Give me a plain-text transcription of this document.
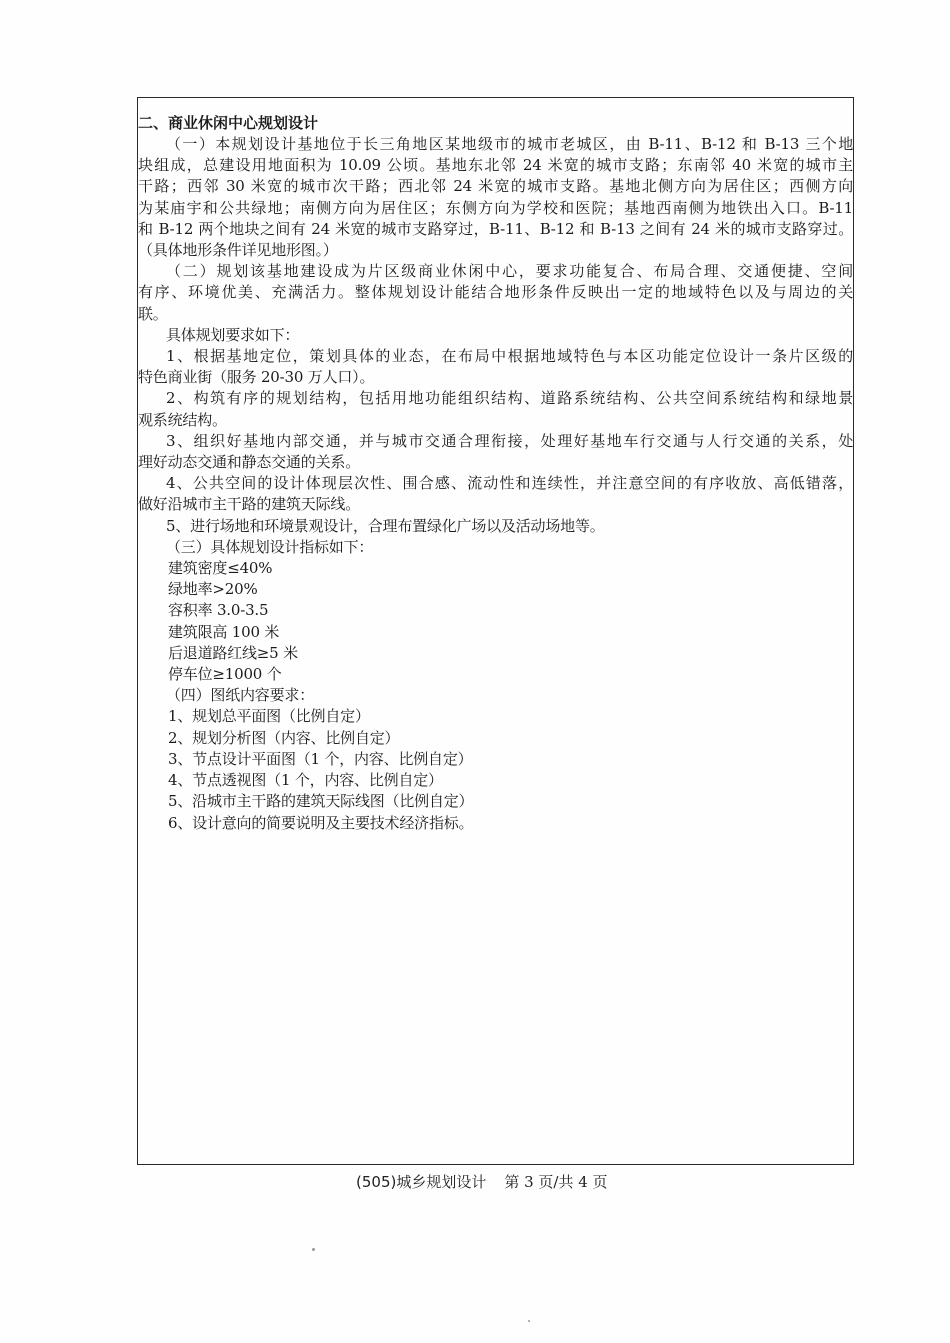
二、商业休闲中心规划设计
（一）本规划设计基地位于长三角地区某地级市的城市老城区，由 B-11、B-12 和 B-13 三个地
块组成，总建设用地面积为 10.09 公顷。基地东北邻 24 米宽的城市支路；东南邻 40 米宽的城市主
干路；西邻 30 米宽的城市次干路；西北邻 24 米宽的城市支路。基地北侧方向为居住区；西侧方向
为某庙宇和公共绿地；南侧方向为居住区；东侧方向为学校和医院；基地西南侧为地铁出入口。B-11
和 B-12 两个地块之间有 24 米宽的城市支路穿过，B-11、B-12 和 B-13 之间有 24 米的城市支路穿过。
（具体地形条件详见地形图。）
（二）规划该基地建设成为片区级商业休闲中心，要求功能复合、布局合理、交通便捷、空间
有序、环境优美、充满活力。整体规划设计能结合地形条件反映出一定的地域特色以及与周边的关
联。
具体规划要求如下：
1、根据基地定位，策划具体的业态，在布局中根据地域特色与本区功能定位设计一条片区级的
特色商业街（服务 20-30 万人口）。
2、构筑有序的规划结构，包括用地功能组织结构、道路系统结构、公共空间系统结构和绿地景
观系统结构。
3、组织好基地内部交通，并与城市交通合理衔接，处理好基地车行交通与人行交通的关系，处
理好动态交通和静态交通的关系。
4、公共空间的设计体现层次性、围合感、流动性和连续性，并注意空间的有序收放、高低错落，
做好沿城市主干路的建筑天际线。
5、进行场地和环境景观设计，合理布置绿化广场以及活动场地等。
（三）具体规划设计指标如下：
建筑密度≤40%
绿地率>20%
容积率 3.0-3.5
建筑限高 100 米
后退道路红线≥5 米
停车位≥1000 个
（四）图纸内容要求：
1、规划总平面图（比例自定）
2、规划分析图（内容、比例自定）
3、节点设计平面图（1 个，内容、比例自定）
4、节点透视图（1 个，内容、比例自定）
5、沿城市主干路的建筑天际线图（比例自定）
6、设计意向的简要说明及主要技术经济指标。
(505)城乡规划设计 第 3 页/共 4 页
